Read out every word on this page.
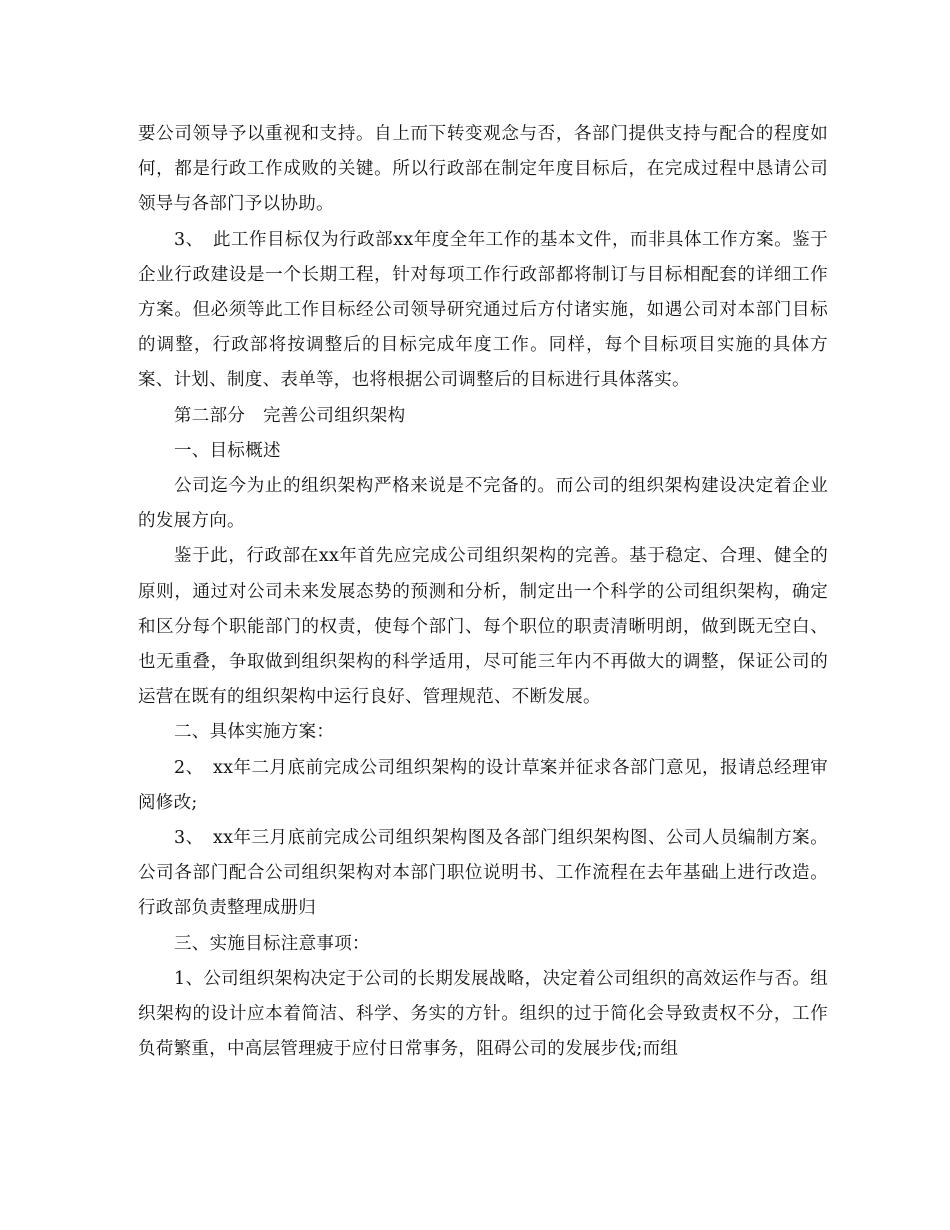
要公司领导予以重视和支持。自上而下转变观念与否，各部门提供支持与配合的程度如何，都是行政工作成败的关键。所以行政部在制定年度目标后，在完成过程中恳请公司领导与各部门予以协助。

3、　此工作目标仅为行政部xx年度全年工作的基本文件，而非具体工作方案。鉴于企业行政建设是一个长期工程，针对每项工作行政部都将制订与目标相配套的详细工作方案。但必须等此工作目标经公司领导研究通过后方付诸实施，如遇公司对本部门目标的调整，行政部将按调整后的目标完成年度工作。同样，每个目标项目实施的具体方案、计划、制度、表单等，也将根据公司调整后的目标进行具体落实。

第二部分　完善公司组织架构

一、目标概述

公司迄今为止的组织架构严格来说是不完备的。而公司的组织架构建设决定着企业的发展方向。

鉴于此，行政部在xx年首先应完成公司组织架构的完善。基于稳定、合理、健全的原则，通过对公司未来发展态势的预测和分析，制定出一个科学的公司组织架构，确定和区分每个职能部门的权责，使每个部门、每个职位的职责清晰明朗，做到既无空白、也无重叠，争取做到组织架构的科学适用，尽可能三年内不再做大的调整，保证公司的运营在既有的组织架构中运行良好、管理规范、不断发展。

二、具体实施方案：

2、　xx年二月底前完成公司组织架构的设计草案并征求各部门意见，报请总经理审阅修改;

3、　xx年三月底前完成公司组织架构图及各部门组织架构图、公司人员编制方案。公司各部门配合公司组织架构对本部门职位说明书、工作流程在去年基础上进行改造。行政部负责整理成册归

三、实施目标注意事项：

1、公司组织架构决定于公司的长期发展战略，决定着公司组织的高效运作与否。组织架构的设计应本着简洁、科学、务实的方针。组织的过于简化会导致责权不分，工作负荷繁重，中高层管理疲于应付日常事务，阻碍公司的发展步伐;而组
